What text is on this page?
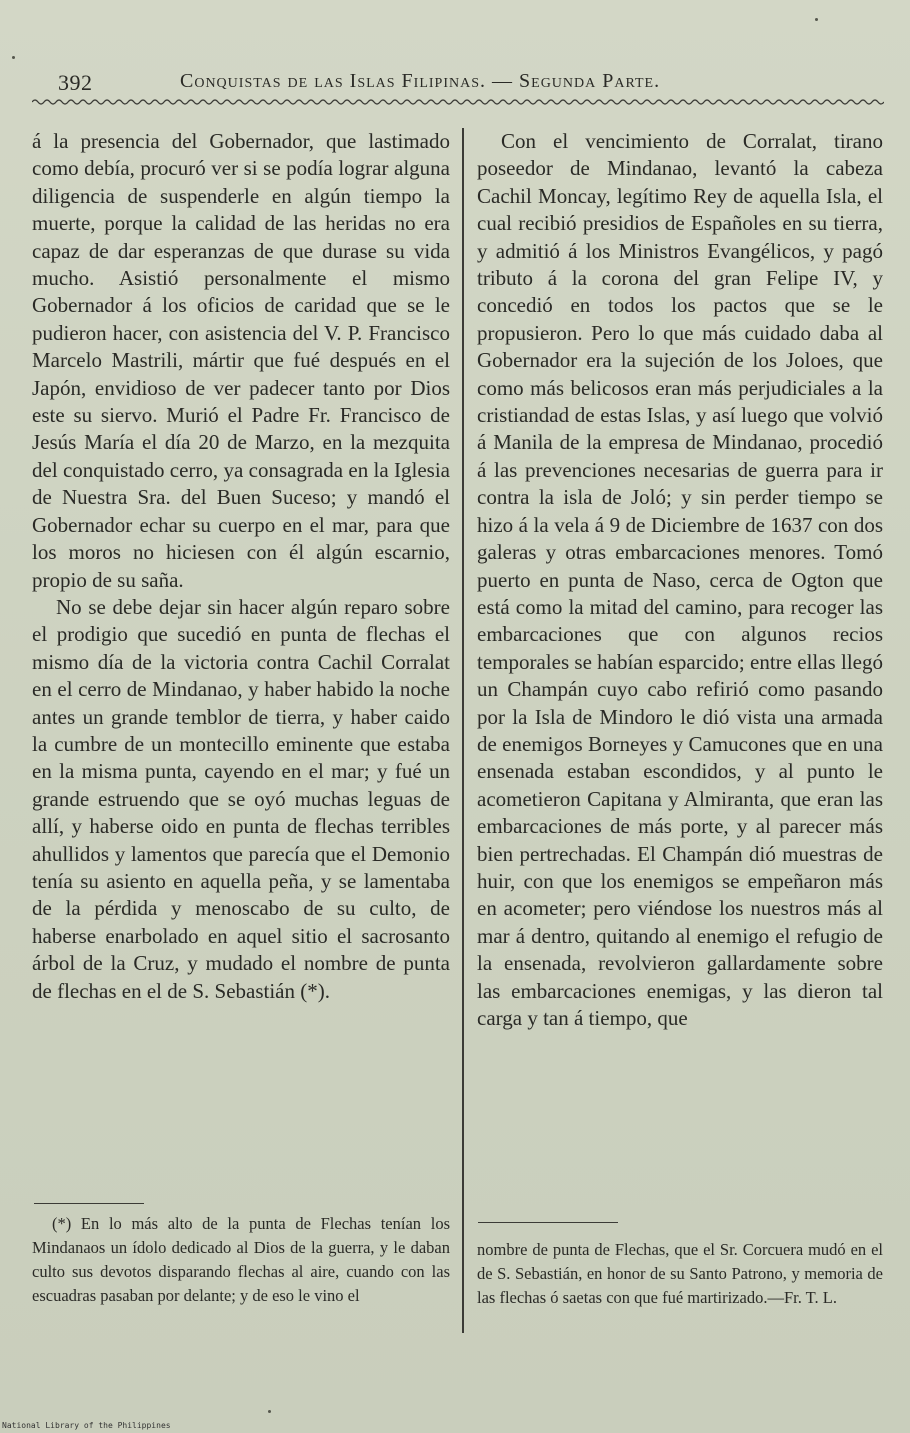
392	Conquistas de las Islas Filipinas. — Segunda Parte.

á la presencia del Gobernador, que lastimado como debía, procuró ver si se podía lograr alguna diligencia de suspenderle en algún tiempo la muerte, porque la calidad de las heridas no era capaz de dar esperanzas de que durase su vida mucho. Asistió personalmente el mismo Gobernador á los oficios de caridad que se le pudieron hacer, con asistencia del V. P. Francisco Marcelo Mastrili, mártir que fué después en el Japón, envidioso de ver padecer tanto por Dios este su siervo. Murió el Padre Fr. Francisco de Jesús María el día 20 de Marzo, en la mezquita del conquistado cerro, ya consagrada en la Iglesia de Nuestra Sra. del Buen Suceso; y mandó el Gobernador echar su cuerpo en el mar, para que los moros no hiciesen con él algún escarnio, propio de su saña.

No se debe dejar sin hacer algún reparo sobre el prodigio que sucedió en punta de flechas el mismo día de la victoria contra Cachil Corralat en el cerro de Mindanao, y haber habido la noche antes un grande temblor de tierra, y haber caido la cumbre de un montecillo eminente que estaba en la misma punta, cayendo en el mar; y fué un grande estruendo que se oyó muchas leguas de allí, y haberse oido en punta de flechas terribles ahullidos y lamentos que parecía que el Demonio tenía su asiento en aquella peña, y se lamentaba de la pérdida y menoscabo de su culto, de haberse enarbolado en aquel sitio el sacrosanto árbol de la Cruz, y mudado el nombre de punta de flechas en el de S. Sebastián (*).

Con el vencimiento de Corralat, tirano poseedor de Mindanao, levantó la cabeza Cachil Moncay, legítimo Rey de aquella Isla, el cual recibió presidios de Españoles en su tierra, y admitió á los Ministros Evangélicos, y pagó tributo á la corona del gran Felipe IV, y concedió en todos los pactos que se le propusieron. Pero lo que más cuidado daba al Gobernador era la sujeción de los Joloes, que como más belicosos eran más perjudiciales a la cristiandad de estas Islas, y así luego que volvió á Manila de la empresa de Mindanao, procedió á las prevenciones necesarias de guerra para ir contra la isla de Joló; y sin perder tiempo se hizo á la vela á 9 de Diciembre de 1637 con dos galeras y otras embarcaciones menores. Tomó puerto en punta de Naso, cerca de Ogton que está como la mitad del camino, para recoger las embarcaciones que con algunos recios temporales se habían esparcido; entre ellas llegó un Champán cuyo cabo refirió como pasando por la Isla de Mindoro le dió vista una armada de enemigos Borneyes y Camucones que en una ensenada estaban escondidos, y al punto le acometieron Capitana y Almiranta, que eran las embarcaciones de más porte, y al parecer más bien pertrechadas. El Champán dió muestras de huir, con que los enemigos se empeñaron más en acometer; pero viéndose los nuestros más al mar á dentro, quitando al enemigo el refugio de la ensenada, revolvieron gallardamente sobre las embarcaciones enemigas, y las dieron tal carga y tan á tiempo, que

(*) En lo más alto de la punta de Flechas tenían los Mindanaos un ídolo dedicado al Dios de la guerra, y le daban culto sus devotos disparando flechas al aire, cuando con las escuadras pasaban por delante; y de eso le vino el
nombre de punta de Flechas, que el Sr. Corcuera mudó en el de S. Sebastián, en honor de su Santo Patrono, y memoria de las flechas ó saetas con que fué martirizado.—Fr. T. L.
National Library of the Philippines
